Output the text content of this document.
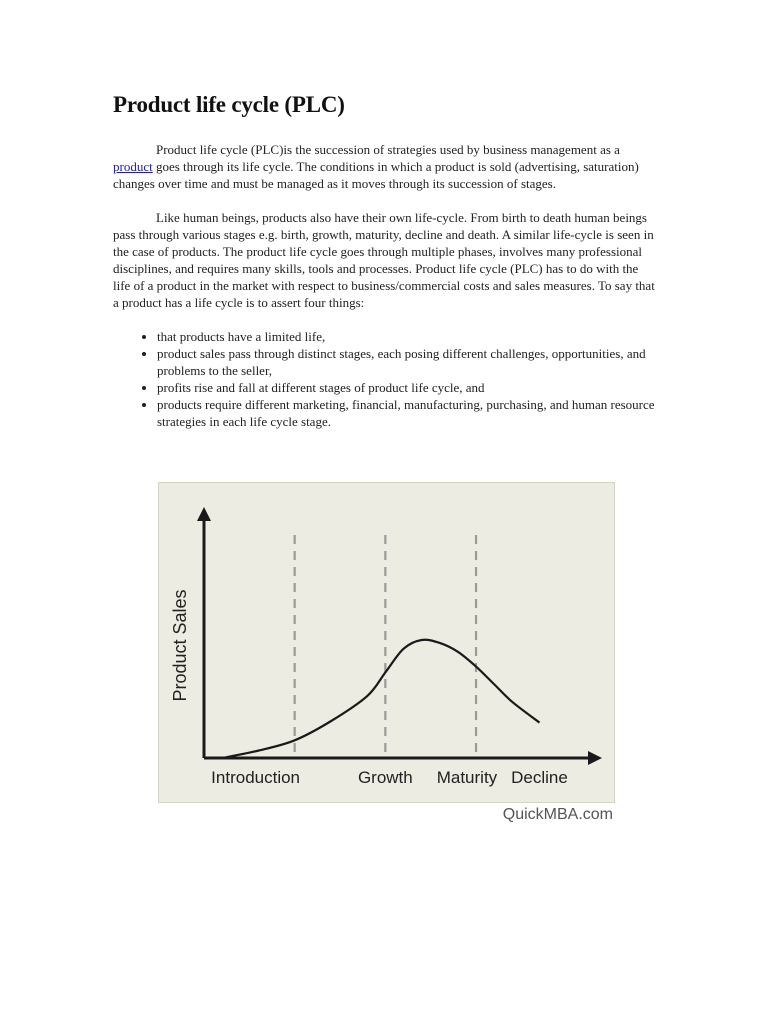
Product life cycle (PLC)

Product life cycle (PLC)is the succession of strategies used by business management as a product goes through its life cycle. The conditions in which a product is sold (advertising, saturation) changes over time and must be managed as it moves through its succession of stages.

Like human beings, products also have their own life-cycle. From birth to death human beings pass through various stages e.g. birth, growth, maturity, decline and death. A similar life-cycle is seen in the case of products. The product life cycle goes through multiple phases, involves many professional disciplines, and requires many skills, tools and processes. Product life cycle (PLC) has to do with the life of a product in the market with respect to business/commercial costs and sales measures. To say that a product has a life cycle is to assert four things:

• that products have a limited life,
• product sales pass through distinct stages, each posing different challenges, opportunities, and problems to the seller,
• profits rise and fall at different stages of product life cycle, and
• products require different marketing, financial, manufacturing, purchasing, and human resource strategies in each life cycle stage.
Introduction	Growth Maturity Decline
Product Sales
QuickMBA.com
